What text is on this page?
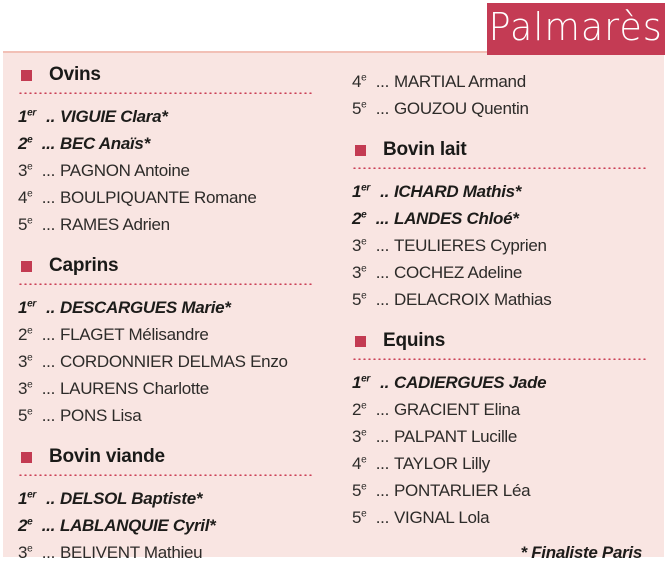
Palmarès
Ovins
1er .. VIGUIE Clara*
2e ... BEC Anaïs*
3e ... PAGNON Antoine
4e ... BOULPIQUANTE Romane
5e ... RAMES Adrien
Caprins
1er .. DESCARGUES Marie*
2e ... FLAGET Mélisandre
3e ... CORDONNIER DELMAS Enzo
3e ... LAURENS Charlotte
5e ... PONS Lisa
Bovin viande
1er .. DELSOL Baptiste*
2e ... LABLANQUIE Cyril*
3e ... BELIVENT Mathieu
4e ... MARTIAL Armand
5e ... GOUZOU Quentin
Bovin lait
1er .. ICHARD Mathis*
2e ... LANDES Chloé*
3e ... TEULIERES Cyprien
3e ... COCHEZ Adeline
5e ... DELACROIX Mathias
Equins
1er .. CADIERGUES Jade
2e ... GRACIENT Elina
3e ... PALPANT Lucille
4e ... TAYLOR Lilly
5e ... PONTARLIER Léa
5e ... VIGNAL Lola
* Finaliste Paris
